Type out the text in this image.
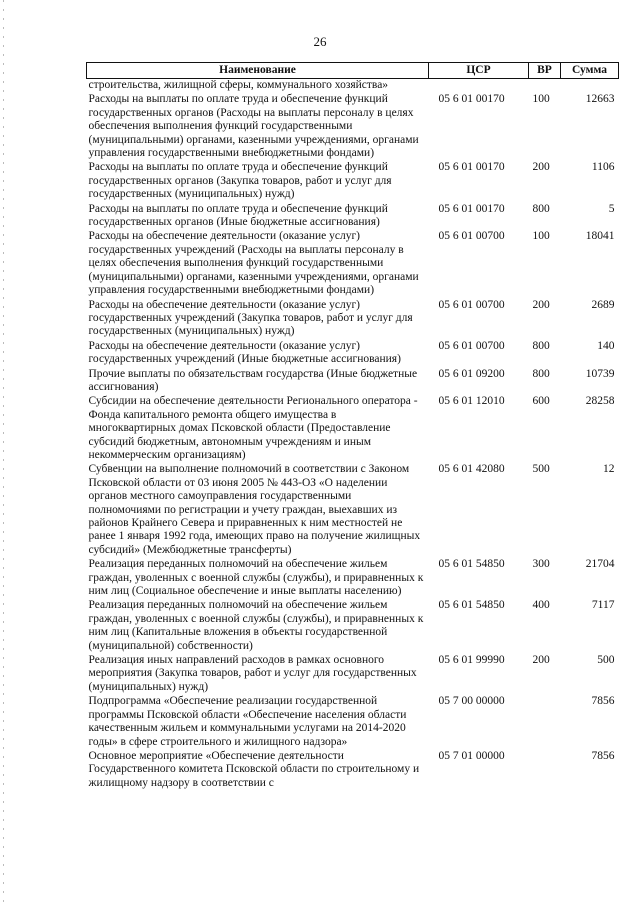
26
Наименование	ЦСР	ВР	Сумма
строительства, жилищной сферы, коммунального хозяйства»			
Расходы на выплаты по оплате труда и обеспечение функций государственных органов (Расходы на выплаты персоналу в целях обеспечения выполнения функций государственными (муниципальными) органами, казенными учреждениями, органами управления государственными внебюджетными фондами)	05 6 01 00170	100	12663
Расходы на выплаты по оплате труда и обеспечение функций государственных органов (Закупка товаров, работ и услуг для государственных (муниципальных) нужд)	05 6 01 00170	200	1106
Расходы на выплаты по оплате труда и обеспечение функций государственных органов (Иные бюджетные ассигнования)	05 6 01 00170	800	5
Расходы на обеспечение деятельности (оказание услуг) государственных учреждений (Расходы на выплаты персоналу в целях обеспечения выполнения функций государственными (муниципальными) органами, казенными учреждениями, органами управления государственными внебюджетными фондами)	05 6 01 00700	100	18041
Расходы на обеспечение деятельности (оказание услуг) государственных учреждений (Закупка товаров, работ и услуг для государственных (муниципальных) нужд)	05 6 01 00700	200	2689
Расходы на обеспечение деятельности (оказание услуг) государственных учреждений (Иные бюджетные ассигнования)	05 6 01 00700	800	140
Прочие выплаты по обязательствам государства (Иные бюджетные ассигнования)	05 6 01 09200	800	10739
Субсидии на обеспечение деятельности Регионального оператора - Фонда капитального ремонта общего имущества в многоквартирных домах Псковской области (Предоставление субсидий бюджетным, автономным учреждениям и иным некоммерческим организациям)	05 6 01 12010	600	28258
Субвенции на выполнение полномочий в соответствии с Законом Псковской области от 03 июня 2005 № 443-ОЗ «О наделении органов местного самоуправления государственными полномочиями по регистрации и учету граждан, выехавших из районов Крайнего Севера и приравненных к ним местностей не ранее 1 января 1992 года, имеющих право на получение жилищных субсидий» (Межбюджетные трансферты)	05 6 01 42080	500	12
Реализация переданных полномочий на обеспечение жильем граждан, уволенных с военной службы (службы), и приравненных к ним лиц (Социальное обеспечение и иные выплаты населению)	05 6 01 54850	300	21704
Реализация переданных полномочий на обеспечение жильем граждан, уволенных с военной службы (службы), и приравненных к ним лиц (Капитальные вложения в объекты государственной (муниципальной) собственности)	05 6 01 54850	400	7117
Реализация иных направлений расходов в рамках основного мероприятия (Закупка товаров, работ и услуг для государственных (муниципальных) нужд)	05 6 01 99990	200	500
Подпрограмма «Обеспечение реализации государственной программы Псковской области «Обеспечение населения области качественным жильем и коммунальными услугами на 2014-2020 годы» в сфере строительного и жилищного надзора»	05 7 00 00000		7856
Основное мероприятие «Обеспечение деятельности Государственного комитета Псковской области по строительному и жилищному надзору в соответствии с	05 7 01 00000		7856
